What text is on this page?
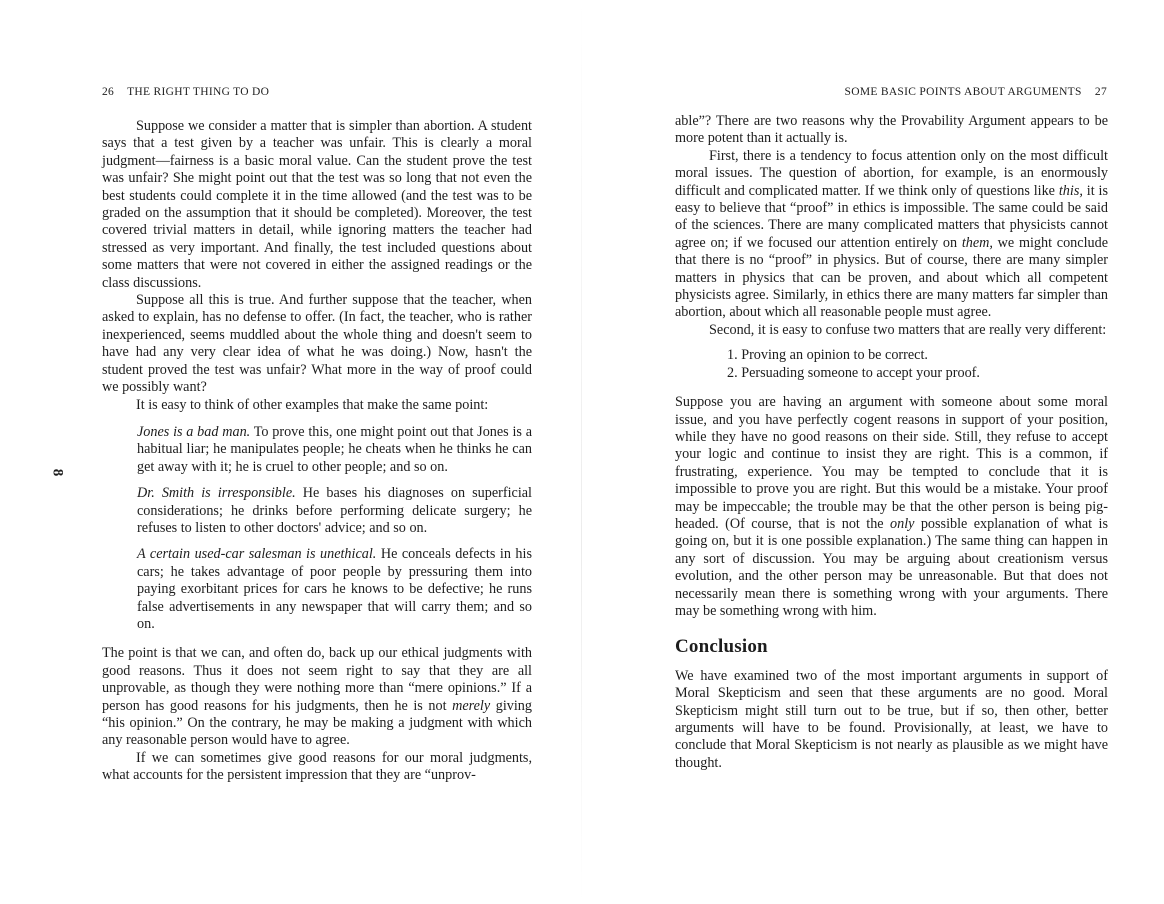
26 THE RIGHT THING TO DO
8

Suppose we consider a matter that is simpler than abortion. A student says that a test given by a teacher was unfair. This is clearly a moral judgment—fairness is a basic moral value. Can the student prove the test was unfair? She might point out that the test was so long that not even the best students could complete it in the time allowed (and the test was to be graded on the assumption that it should be completed). Moreover, the test covered trivial matters in detail, while ignoring matters the teacher had stressed as very important. And finally, the test included questions about some matters that were not covered in either the assigned readings or the class discussions.

Suppose all this is true. And further suppose that the teacher, when asked to explain, has no defense to offer. (In fact, the teacher, who is rather inexperienced, seems muddled about the whole thing and doesn't seem to have had any very clear idea of what he was doing.) Now, hasn't the student proved the test was unfair? What more in the way of proof could we possibly want?

It is easy to think of other examples that make the same point:

Jones is a bad man. To prove this, one might point out that Jones is a habitual liar; he manipulates people; he cheats when he thinks he can get away with it; he is cruel to other people; and so on.

Dr. Smith is irresponsible. He bases his diagnoses on superficial considerations; he drinks before performing delicate surgery; he refuses to listen to other doctors' advice; and so on.

A certain used-car salesman is unethical. He conceals defects in his cars; he takes advantage of poor people by pressuring them into paying exorbitant prices for cars he knows to be defective; he runs false advertisements in any newspaper that will carry them; and so on.

The point is that we can, and often do, back up our ethical judgments with good reasons. Thus it does not seem right to say that they are all unprovable, as though they were nothing more than “mere opinions.” If a person has good reasons for his judgments, then he is not merely giving “his opinion.” On the contrary, he may be making a judgment with which any reasonable person would have to agree.

If we can sometimes give good reasons for our moral judgments, what accounts for the persistent impression that they are “unprov-

SOME BASIC POINTS ABOUT ARGUMENTS 27

able”? There are two reasons why the Provability Argument appears to be more potent than it actually is.

First, there is a tendency to focus attention only on the most difficult moral issues. The question of abortion, for example, is an enormously difficult and complicated matter. If we think only of questions like this, it is easy to believe that “proof” in ethics is impossible. The same could be said of the sciences. There are many complicated matters that physicists cannot agree on; if we focused our attention entirely on them, we might conclude that there is no “proof” in physics. But of course, there are many simpler matters in physics that can be proven, and about which all competent physicists agree. Similarly, in ethics there are many matters far simpler than abortion, about which all reasonable people must agree.

Second, it is easy to confuse two matters that are really very different:

1. Proving an opinion to be correct.
2. Persuading someone to accept your proof.

Suppose you are having an argument with someone about some moral issue, and you have perfectly cogent reasons in support of your position, while they have no good reasons on their side. Still, they refuse to accept your logic and continue to insist they are right. This is a common, if frustrating, experience. You may be tempted to conclude that it is impossible to prove you are right. But this would be a mistake. Your proof may be impeccable; the trouble may be that the other person is being pig-headed. (Of course, that is not the only possible explanation of what is going on, but it is one possible explanation.) The same thing can happen in any sort of discussion. You may be arguing about creationism versus evolution, and the other person may be unreasonable. But that does not necessarily mean there is something wrong with your arguments. There may be something wrong with him.

Conclusion

We have examined two of the most important arguments in support of Moral Skepticism and seen that these arguments are no good. Moral Skepticism might still turn out to be true, but if so, then other, better arguments will have to be found. Provisionally, at least, we have to conclude that Moral Skepticism is not nearly as plausible as we might have thought.
